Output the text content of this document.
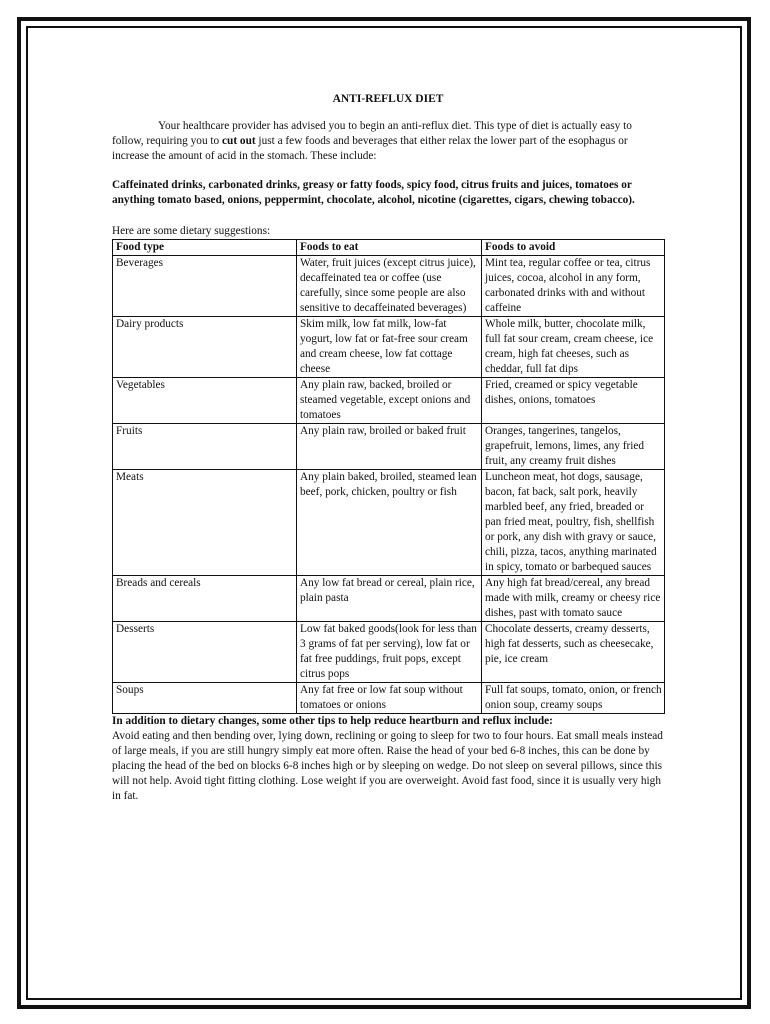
ANTI-REFLUX DIET

Your healthcare provider has advised you to begin an anti-reflux diet. This type of diet is actually easy to follow, requiring you to cut out just a few foods and beverages that either relax the lower part of the esophagus or increase the amount of acid in the stomach. These include:

Caffeinated drinks, carbonated drinks, greasy or fatty foods, spicy food, citrus fruits and juices, tomatoes or anything tomato based, onions, peppermint, chocolate, alcohol, nicotine (cigarettes, cigars, chewing tobacco).

Here are some dietary suggestions:

Food type	Foods to eat	Foods to avoid
Beverages	Water, fruit juices (except citrus juice), decaffeinated tea or coffee (use carefully, since some people are also sensitive to decaffeinated beverages)	Mint tea, regular coffee or tea, citrus juices, cocoa, alcohol in any form, carbonated drinks with and without caffeine
Dairy products	Skim milk, low fat milk, low-fat yogurt, low fat or fat-free sour cream and cream cheese, low fat cottage cheese	Whole milk, butter, chocolate milk, full fat sour cream, cream cheese, ice cream, high fat cheeses, such as cheddar, full fat dips
Vegetables	Any plain raw, backed, broiled or steamed vegetable, except onions and tomatoes	Fried, creamed or spicy vegetable dishes, onions, tomatoes
Fruits	Any plain raw, broiled or baked fruit	Oranges, tangerines, tangelos, grapefruit, lemons, limes, any fried fruit, any creamy fruit dishes
Meats	Any plain baked, broiled, steamed lean beef, pork, chicken, poultry or fish	Luncheon meat, hot dogs, sausage, bacon, fat back, salt pork, heavily marbled beef, any fried, breaded or pan fried meat, poultry, fish, shellfish or pork, any dish with gravy or sauce, chili, pizza, tacos, anything marinated in spicy, tomato or barbequed sauces
Breads and cereals	Any low fat bread or cereal, plain rice, plain pasta	Any high fat bread/cereal, any bread made with milk, creamy or cheesy rice dishes, past with tomato sauce
Desserts	Low fat baked goods(look for less than 3 grams of fat per serving), low fat or fat free puddings, fruit pops, except citrus pops	Chocolate desserts, creamy desserts, high fat desserts, such as cheesecake, pie, ice cream
Soups	Any fat free or low fat soup without tomatoes or onions	Full fat soups, tomato, onion, or french onion soup, creamy soups

In addition to dietary changes, some other tips to help reduce heartburn and reflux include:

Avoid eating and then bending over, lying down, reclining or going to sleep for two to four hours. Eat small meals instead of large meals, if you are still hungry simply eat more often. Raise the head of your bed 6-8 inches, this can be done by placing the head of the bed on blocks 6-8 inches high or by sleeping on wedge. Do not sleep on several pillows, since this will not help. Avoid tight fitting clothing. Lose weight if you are overweight. Avoid fast food, since it is usually very high in fat.
